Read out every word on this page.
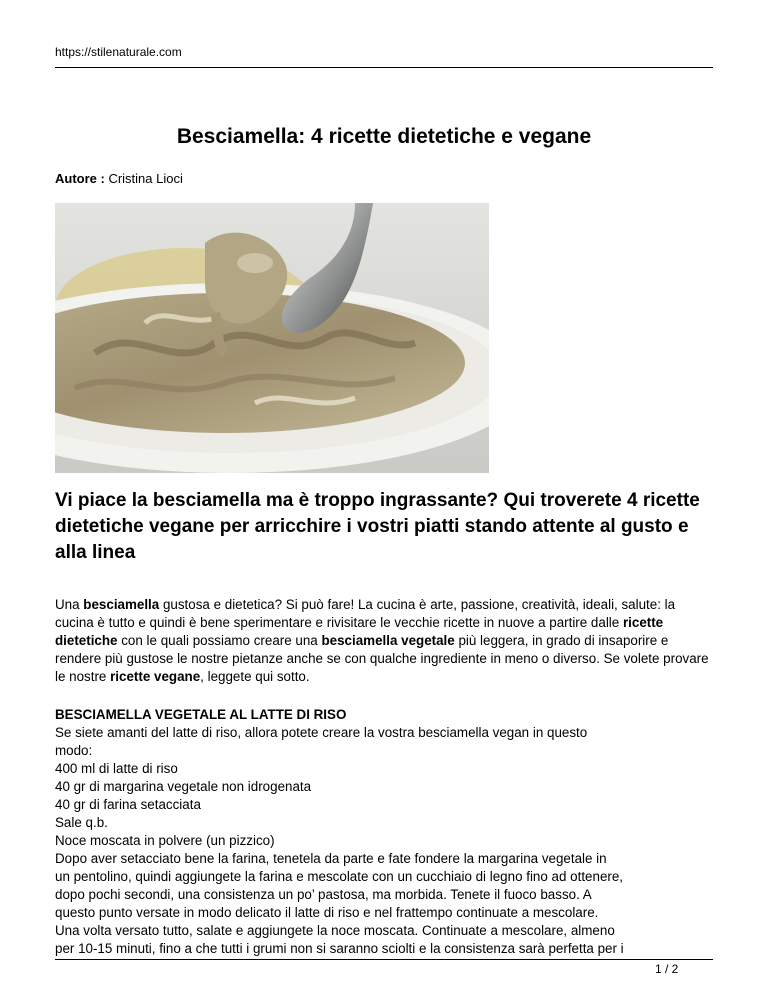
https://stilenaturale.com
Besciamella: 4 ricette dietetiche e vegane
Autore : Cristina Lioci
Vi piace la besciamella ma è troppo ingrassante? Qui troverete 4 ricette dietetiche vegane per arricchire i vostri piatti stando attente al gusto e alla linea
Una besciamella gustosa e dietetica? Si può fare! La cucina è arte, passione, creatività, ideali, salute: la cucina è tutto e quindi è bene sperimentare e rivisitare le vecchie ricette in nuove a partire dalle ricette dietetiche con le quali possiamo creare una besciamella vegetale più leggera, in grado di insaporire e rendere più gustose le nostre pietanze anche se con qualche ingrediente in meno o diverso. Se volete provare le nostre ricette vegane, leggete qui sotto.
BESCIAMELLA VEGETALE AL LATTE DI RISO
Se siete amanti del latte di riso, allora potete creare la vostra besciamella vegan in questo
modo:
400 ml di latte di riso
40 gr di margarina vegetale non idrogenata
40 gr di farina setacciata
Sale q.b.
Noce moscata in polvere (un pizzico)
Dopo aver setacciato bene la farina, tenetela da parte e fate fondere la margarina vegetale in
un pentolino, quindi aggiungete la farina e mescolate con un cucchiaio di legno fino ad ottenere,
dopo pochi secondi, una consistenza un po’ pastosa, ma morbida. Tenete il fuoco basso. A
questo punto versate in modo delicato il latte di riso e nel frattempo continuate a mescolare.
Una volta versato tutto, salate e aggiungete la noce moscata. Continuate a mescolare, almeno
per 10-15 minuti, fino a che tutti i grumi non si saranno sciolti e la consistenza sarà perfetta per i
1 / 2
